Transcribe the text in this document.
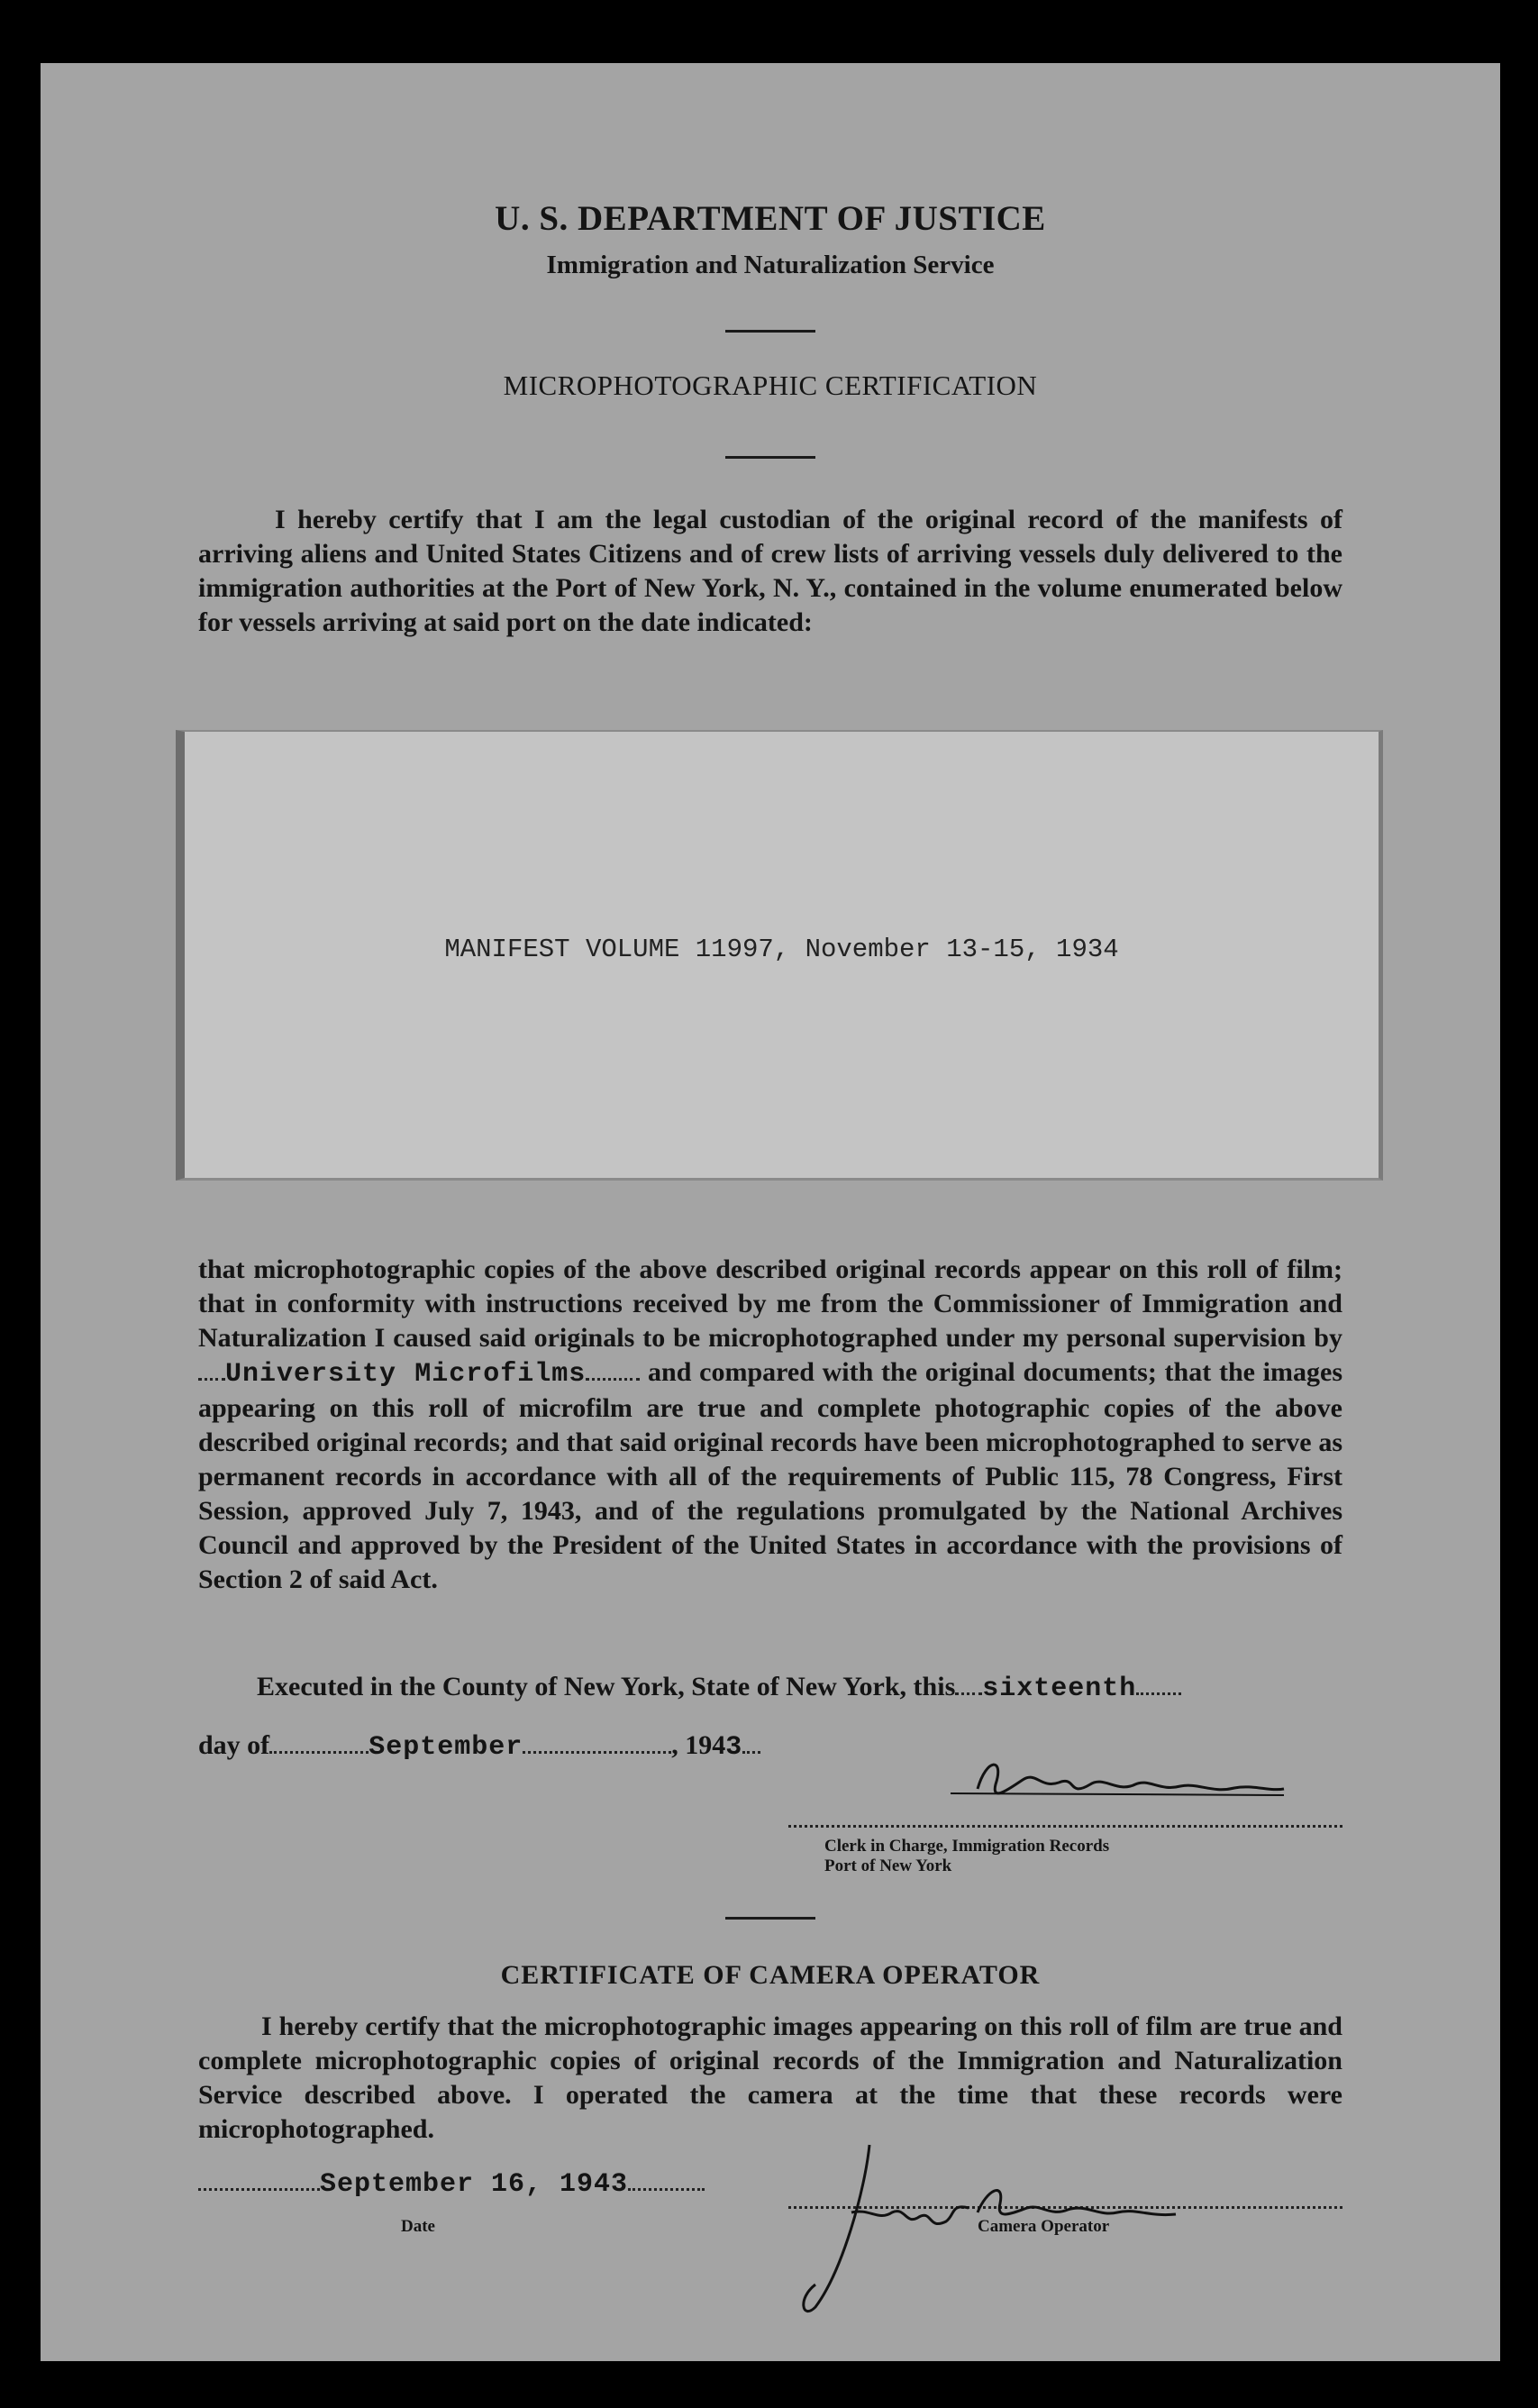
U. S. DEPARTMENT OF JUSTICE
Immigration and Naturalization Service
MICROPHOTOGRAPHIC CERTIFICATION
I hereby certify that I am the legal custodian of the original record of the manifests of arriving aliens and United States Citizens and of crew lists of arriving vessels duly delivered to the immigration authorities at the Port of New York, N. Y., contained in the volume enumerated below for vessels arriving at said port on the date indicated:
MANIFEST VOLUME 11997, November 13-15, 1934
that microphotographic copies of the above described original records appear on this roll of film; that in conformity with instructions received by me from the Commissioner of Immigration and Naturalization I caused said originals to be microphotographed under my personal supervision byUniversity Microfilms and compared with the original documents; that the images appearing on this roll of microfilm are true and complete photographic copies of the above described original records; and that said original records have been microphotographed to serve as permanent records in accordance with all of the requirements of Public 115, 78 Congress, First Session, approved July 7, 1943, and of the regulations promulgated by the National Archives Council and approved by the President of the United States in accordance with the provisions of Section 2 of said Act.
Executed in the County of New York, State of New York, this sixteenth
day of	September	, 1943
Clerk in Charge, Immigration Records
Port of New York
CERTIFICATE OF CAMERA OPERATOR
I hereby certify that the microphotographic images appearing on this roll of film are true and complete microphotographic copies of original records of the Immigration and Naturalization Service described above. I operated the camera at the time that these records were microphotographed.
September 16, 1943
Date	Camera Operator
